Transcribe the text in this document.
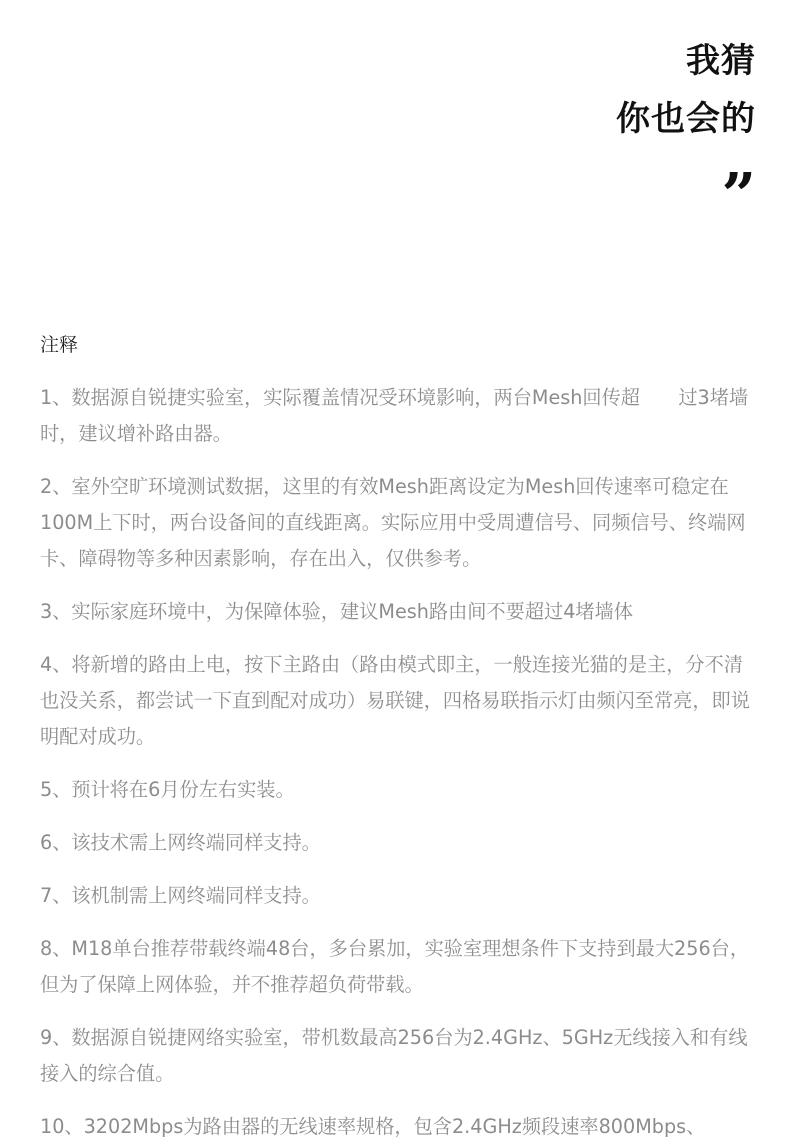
我猜
你也会的
”
注释

1、数据源自锐捷实验室，实际覆盖情况受环境影响，两台Mesh回传超　　过3堵墙时，建议增补路由器。

2、室外空旷环境测试数据，这里的有效Mesh距离设定为Mesh回传速率可稳定在100M上下时，两台设备间的直线距离。实际应用中受周遭信号、同频信号、终端网卡、障碍物等多种因素影响，存在出入，仅供参考。

3、实际家庭环境中，为保障体验，建议Mesh路由间不要超过4堵墙体

4、将新增的路由上电，按下主路由（路由模式即主，一般连接光猫的是主，分不清也没关系，都尝试一下直到配对成功）易联键，四格易联指示灯由频闪至常亮，即说明配对成功。

5、预计将在6月份左右实装。

6、该技术需上网终端同样支持。

7、该机制需上网终端同样支持。

8、M18单台推荐带载终端48台，多台累加，实验室理想条件下支持到最大256台，但为了保障上网体验，并不推荐超负荷带载。

9、数据源自锐捷网络实验室，带机数最高256台为2.4GHz、5GHz无线接入和有线接入的综合值。

10、3202Mbps为路由器的无线速率规格，包含2.4GHz频段速率800Mbps、
